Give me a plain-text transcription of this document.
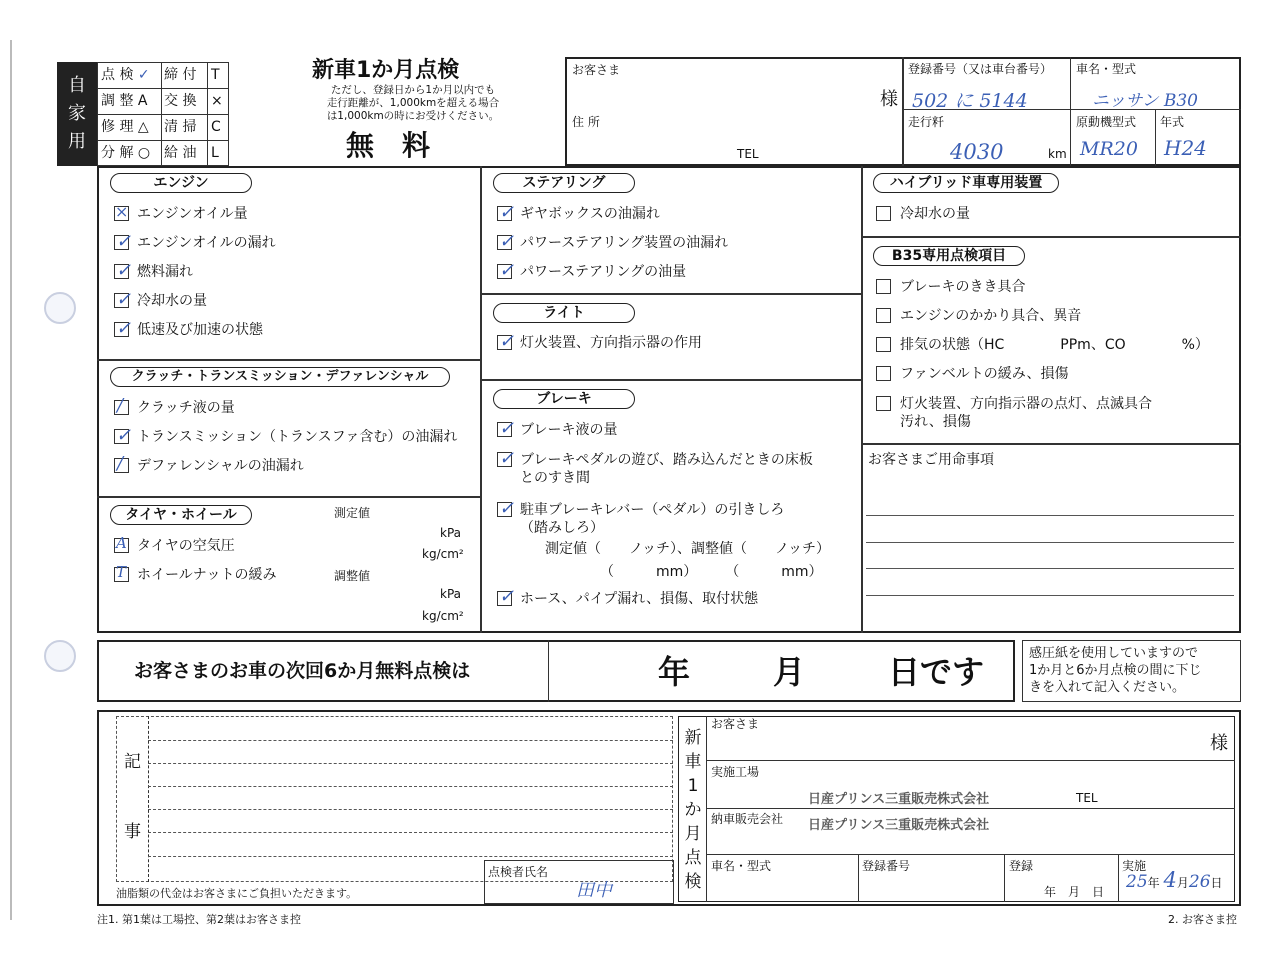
自
家
用
点 検 ✓ 締 付 T
調 整 A 交 換 ×
修 理 △ 清 掃 C
分 解 ○ 給 油 L
新車1か月点検
ただし、登録日から1か月以内でも
走行距離が、1,000kmを超える場合
は1,000kmの時にお受けください。
無　料
お客さま
様
住 所
TEL
登録番号（又は車台番号）
502 に 5144
車名・型式
ニッサン B30
走行粁
4030	km
原動機型式
MR20
年式
H24
エンジン
× エンジンオイル量
✓ エンジンオイルの漏れ
✓ 燃料漏れ
✓ 冷却水の量
✓ 低速及び加速の状態
クラッチ・トランスミッション・デファレンシャル
/ クラッチ液の量
✓ トランスミッション（トランスファ含む）の油漏れ
/ デファレンシャルの油漏れ
タイヤ・ホイール
A タイヤの空気圧
T ホイールナットの緩み
測定値
kPa
kg/cm²
調整値
kPa
kg/cm²
ステアリング
✓ ギヤボックスの油漏れ
✓ パワーステアリング装置の油漏れ
✓ パワーステアリングの油量
ライト
✓ 灯火装置、方向指示器の作用
ブレーキ
✓ ブレーキ液の量
✓ ブレーキペダルの遊び、踏み込んだときの床板
とのすき間
✓ 駐車ブレーキレバー（ペダル）の引きしろ
（踏みしろ）
測定値（　　ノッチ）、調整値（　　ノッチ）
（　　　mm）　　　（　　　mm）
✓ ホース、パイプ漏れ、損傷、取付状態
ハイブリッド車専用装置
冷却水の量
B35専用点検項目
ブレーキのきき具合
エンジンのかかり具合、異音
排気の状態（HC　　　　PPm、CO　　　　%）
ファンベルトの緩み、損傷
灯火装置、方向指示器の点灯、点滅具合
汚れ、損傷
お客さまご用命事項
お客さまのお車の次回6か月無料点検は	年	月	日です	感圧紙を使用していますので
1か月と6か月点検の間に下じ
きを入れて記入ください。
記
事
油脂類の代金はお客さまにご負担いただきます。
点検者氏名
田中
新
車
1
か
月
点
検
お客さま
様
実施工場
日産プリンス三重販売株式会社	TEL
納車販売会社 日産プリンス三重販売株式会社
車名・型式	登録番号	登録
年　月　日
実施
25年 4月26日
注1. 第1葉は工場控、第2葉はお客さま控	2. お客さま控
